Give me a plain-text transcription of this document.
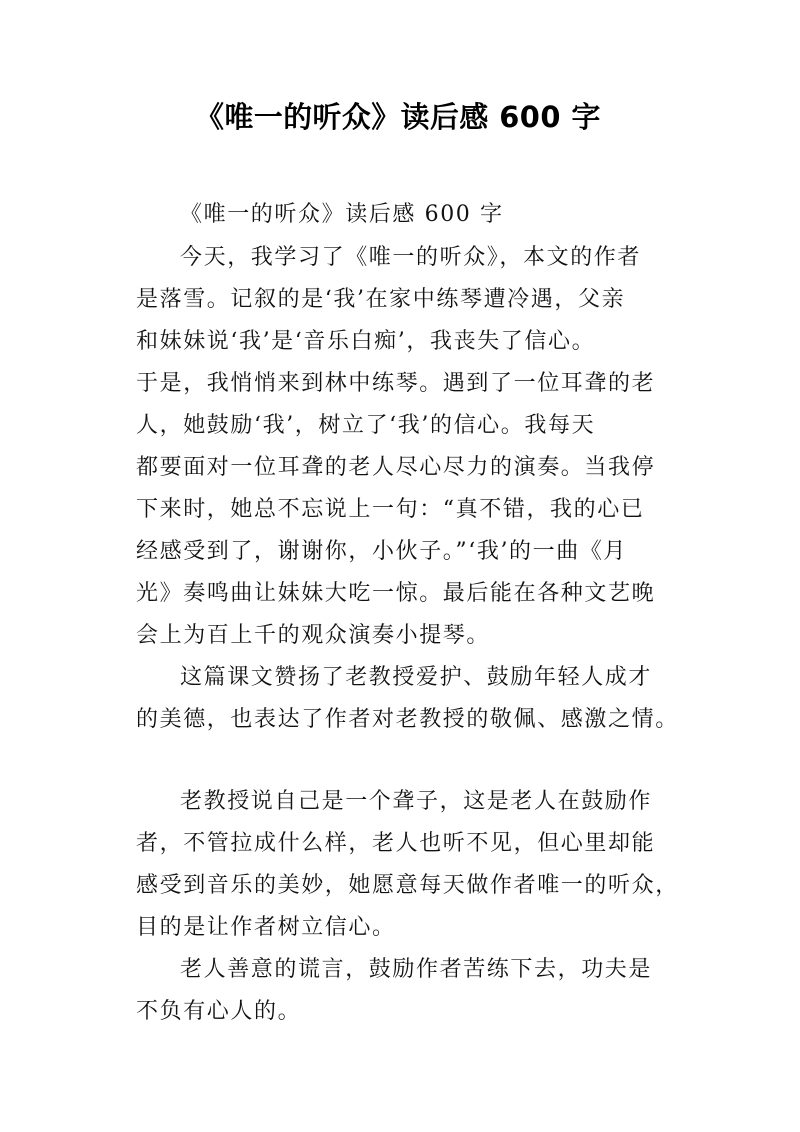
《唯一的听众》读后感 600 字
《唯一的听众》读后感 600 字
今天，我学习了《唯一的听众》，本文的作者
是落雪。记叙的是‘我’在家中练琴遭冷遇，父亲
和妹妹说‘我’是‘音乐白痴’，我丧失了信心。
于是，我悄悄来到林中练琴。遇到了一位耳聋的老
人，她鼓励‘我’，树立了‘我’的信心。我每天
都要面对一位耳聋的老人尽心尽力的演奏。当我停
下来时，她总不忘说上一句：“真不错，我的心已
经感受到了，谢谢你，小伙子。”‘我’的一曲《月
光》奏鸣曲让妹妹大吃一惊。最后能在各种文艺晚
会上为百上千的观众演奏小提琴。
这篇课文赞扬了老教授爱护、鼓励年轻人成才
的美德，也表达了作者对老教授的敬佩、感激之情。
老教授说自己是一个聋子，这是老人在鼓励作
者，不管拉成什么样，老人也听不见，但心里却能
感受到音乐的美妙，她愿意每天做作者唯一的听众，
目的是让作者树立信心。
老人善意的谎言，鼓励作者苦练下去，功夫是
不负有心人的。
